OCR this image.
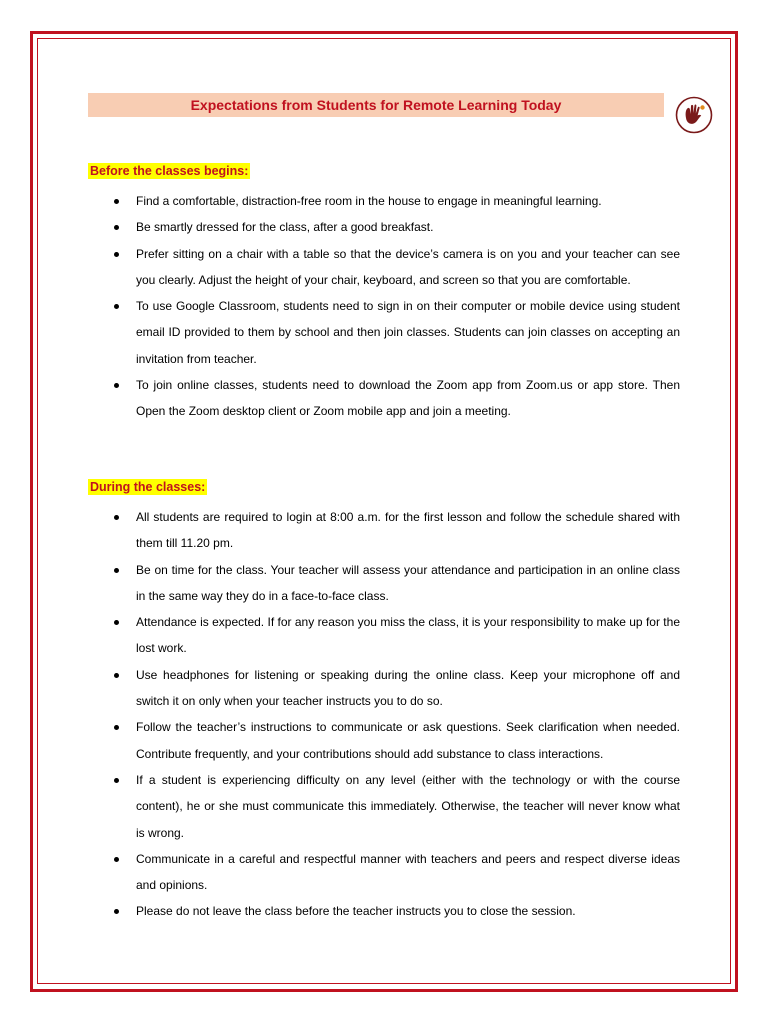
Expectations from Students for Remote Learning Today
Before the classes begins:
Find a comfortable, distraction-free room in the house to engage in meaningful learning.
Be smartly dressed for the class, after a good breakfast.
Prefer sitting on a chair with a table so that the device’s camera is on you and your teacher can see you clearly. Adjust the height of your chair, keyboard, and screen so that you are comfortable.
To use Google Classroom, students need to sign in on their computer or mobile device using student email ID provided to them by school and then join classes. Students can join classes on accepting an invitation from teacher.
To join online classes, students need to download the Zoom app from Zoom.us or app store. Then Open the Zoom desktop client or Zoom mobile app and join a meeting.
During the classes:
All students are required to login at 8:00 a.m. for the first lesson and follow the schedule shared with them till 11.20 pm.
Be on time for the class. Your teacher will assess your attendance and participation in an online class in the same way they do in a face-to-face class.
Attendance is expected. If for any reason you miss the class, it is your responsibility to make up for the lost work.
Use headphones for listening or speaking during the online class. Keep your microphone off and switch it on only when your teacher instructs you to do so.
Follow the teacher’s instructions to communicate or ask questions. Seek clarification when needed. Contribute frequently, and your contributions should add substance to class interactions.
If a student is experiencing difficulty on any level (either with the technology or with the course content), he or she must communicate this immediately. Otherwise, the teacher will never know what is wrong.
Communicate in a careful and respectful manner with teachers and peers and respect diverse ideas and opinions.
Please do not leave the class before the teacher instructs you to close the session.
